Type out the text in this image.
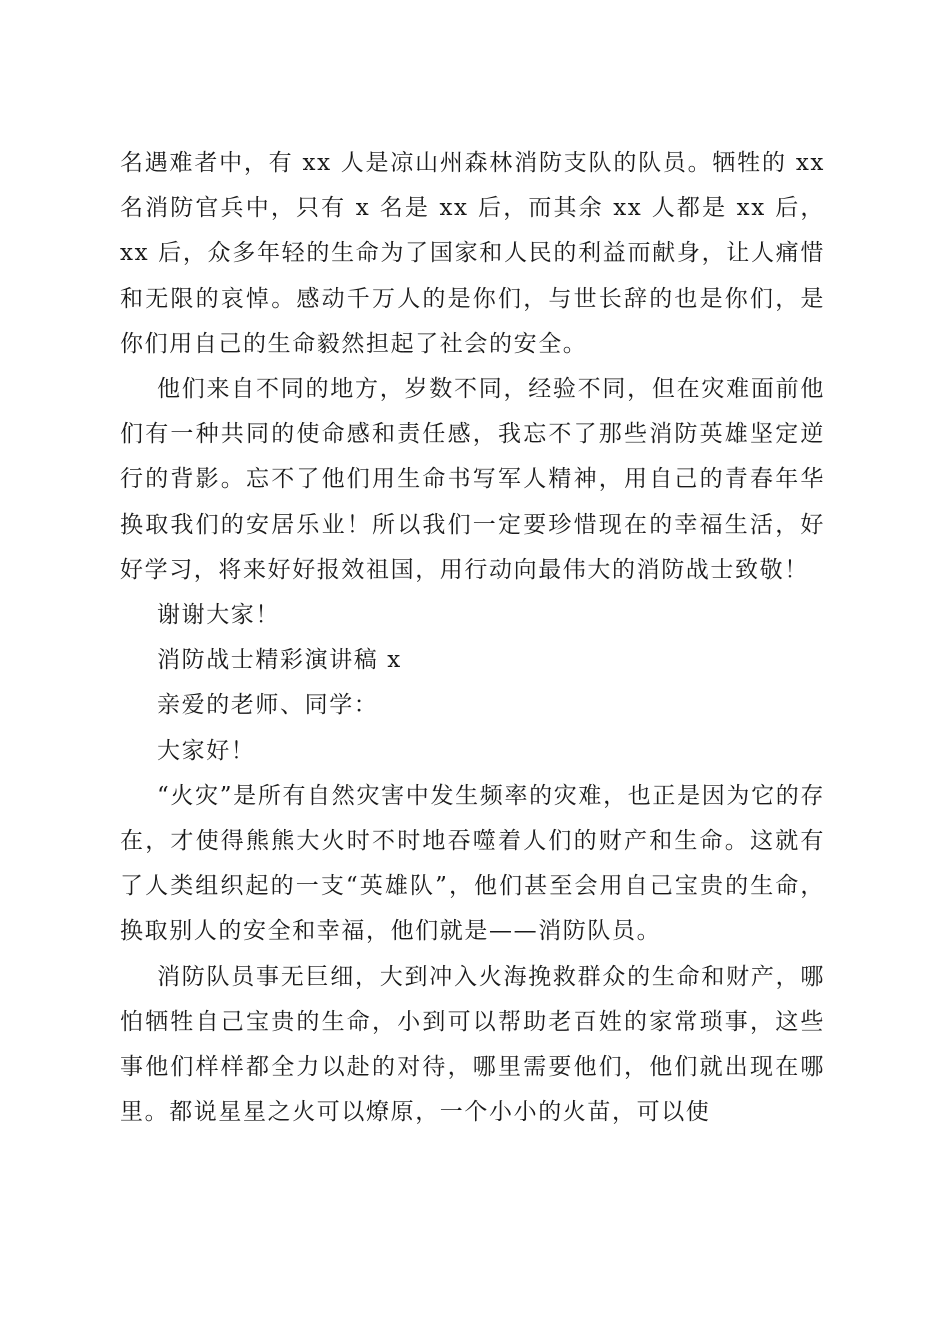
名遇难者中，有 xx 人是凉山州森林消防支队的队员。牺牲的 xx 名消防官兵中，只有 x 名是 xx 后，而其余 xx 人都是 xx 后，xx 后，众多年轻的生命为了国家和人民的利益而献身，让人痛惜和无限的哀悼。感动千万人的是你们，与世长辞的也是你们，是你们用自己的生命毅然担起了社会的安全。

他们来自不同的地方，岁数不同，经验不同，但在灾难面前他们有一种共同的使命感和责任感，我忘不了那些消防英雄坚定逆行的背影。忘不了他们用生命书写军人精神，用自己的青春年华换取我们的安居乐业！所以我们一定要珍惜现在的幸福生活，好好学习，将来好好报效祖国，用行动向最伟大的消防战士致敬！

谢谢大家！

消防战士精彩演讲稿 x

亲爱的老师、同学：

大家好！

“火灾”是所有自然灾害中发生频率的灾难，也正是因为它的存在，才使得熊熊大火时不时地吞噬着人们的财产和生命。这就有了人类组织起的一支“英雄队”，他们甚至会用自己宝贵的生命，换取别人的安全和幸福，他们就是——消防队员。

消防队员事无巨细，大到冲入火海挽救群众的生命和财产，哪怕牺牲自己宝贵的生命，小到可以帮助老百姓的家常琐事，这些事他们样样都全力以赴的对待，哪里需要他们，他们就出现在哪里。都说星星之火可以燎原，一个小小的火苗，可以使
